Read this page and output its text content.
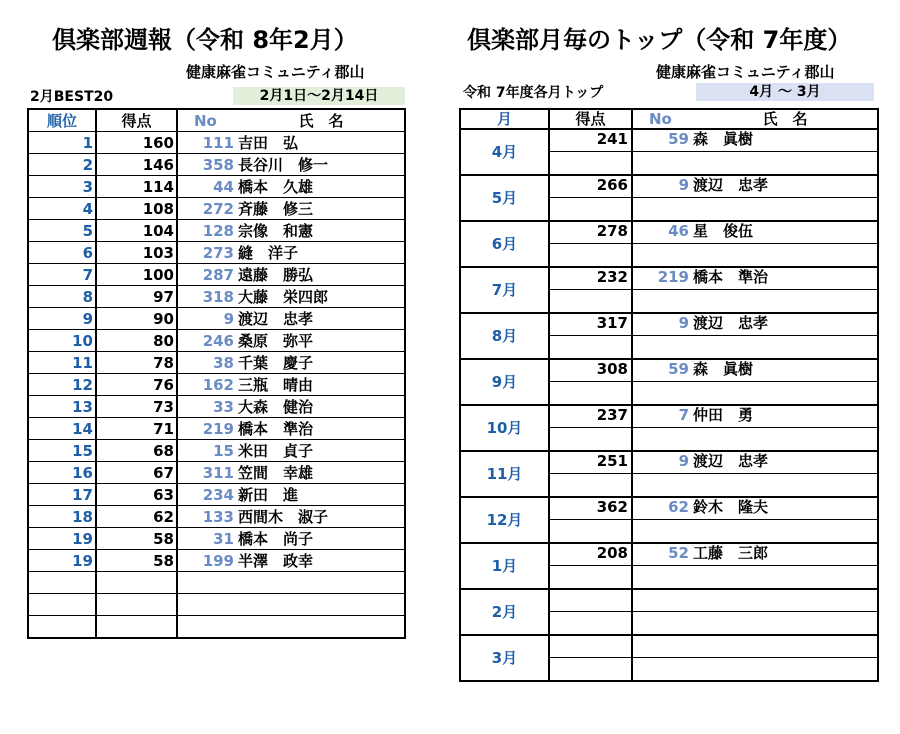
倶楽部週報（令和 8年2月）
健康麻雀コミュニティ郡山
2月BEST20	2月1日～2月14日
順位	得点	No	氏　名
1	160	111	吉田　弘
2	146	358	長谷川　修一
3	114	44	橋本　久雄
4	108	272	斉藤　修三
5	104	128	宗像　和憲
6	103	273	縫　洋子
7	100	287	遠藤　勝弘
8	97	318	大藤　栄四郎
9	90	9	渡辺　忠孝
10	80	246	桑原　弥平
11	78	38	千葉　慶子
12	76	162	三瓶　晴由
13	73	33	大森　健治
14	71	219	橋本　準治
15	68	15	米田　貞子
16	67	311	笠間　幸雄
17	63	234	新田　進
18	62	133	西間木　淑子
19	58	31	橋本　尚子
19	58	199	半澤　政幸

倶楽部月毎のトップ（令和 7年度）
健康麻雀コミュニティ郡山
令和 7年度各月トップ	4月 ～ 3月
月	得点	No	氏　名
4月	241	59	森　眞樹

5月	266	9	渡辺　忠孝

6月	278	46	星　俊伍

7月	232	219	橋本　準治

8月	317	9	渡辺　忠孝

9月	308	59	森　眞樹

10月	237	7	仲田　勇

11月	251	9	渡辺　忠孝

12月	362	62	鈴木　隆夫

1月	208	52	工藤　三郎

2月			

3月			
